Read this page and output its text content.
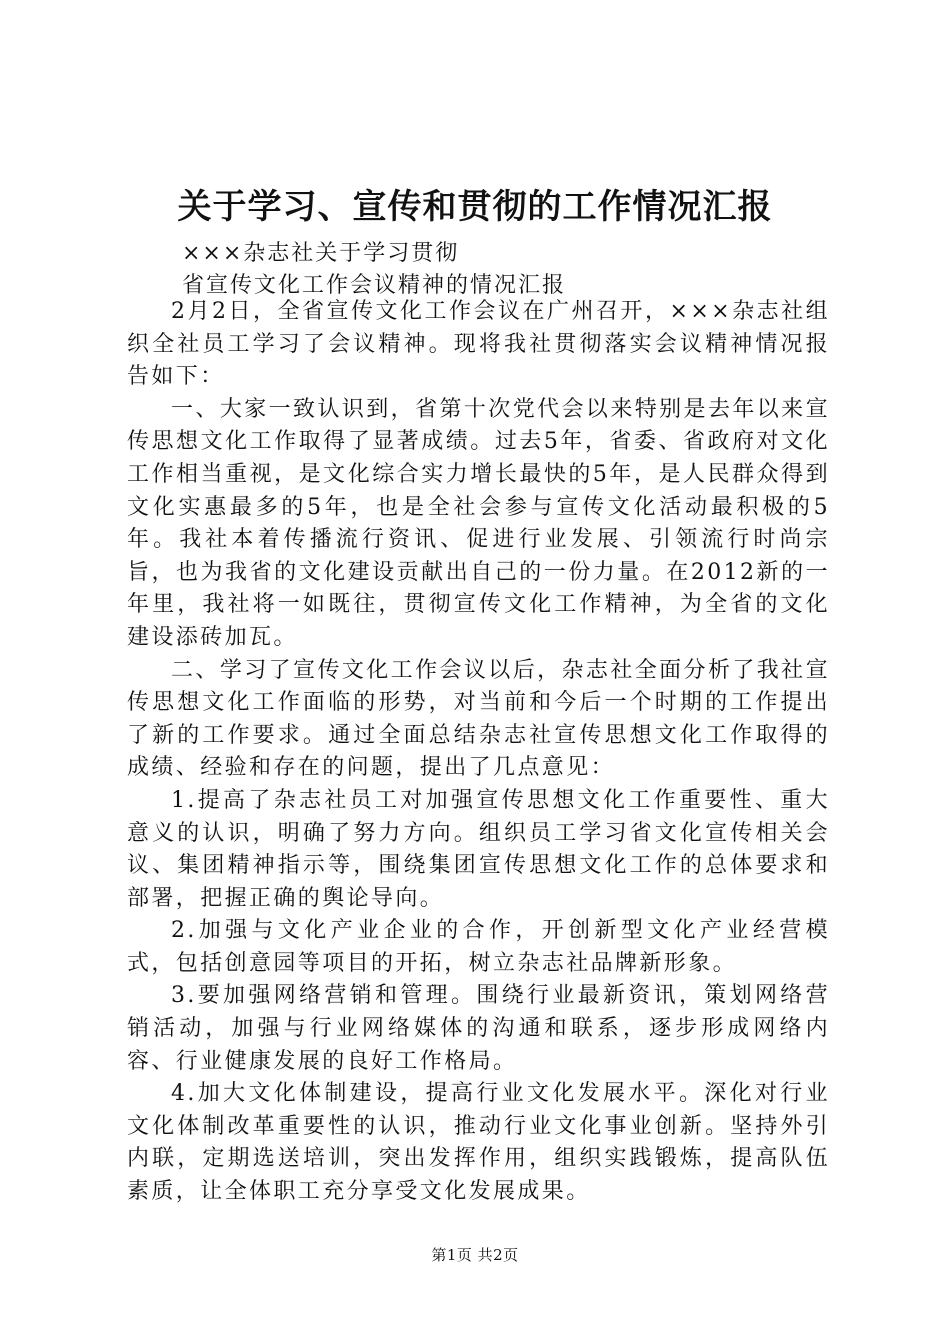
关于学习、宣传和贯彻的工作情况汇报
×××杂志社关于学习贯彻
省宣传文化工作会议精神的情况汇报

2月2日，全省宣传文化工作会议在广州召开，×××杂志社组织全社员工学习了会议精神。现将我社贯彻落实会议精神情况报告如下：

一、大家一致认识到，省第十次党代会以来特别是去年以来宣传思想文化工作取得了显著成绩。过去5年，省委、省政府对文化工作相当重视，是文化综合实力增长最快的5年，是人民群众得到文化实惠最多的5年，也是全社会参与宣传文化活动最积极的5年。我社本着传播流行资讯、促进行业发展、引领流行时尚宗旨，也为我省的文化建设贡献出自己的一份力量。在2012新的一年里，我社将一如既往，贯彻宣传文化工作精神，为全省的文化建设添砖加瓦。

二、学习了宣传文化工作会议以后，杂志社全面分析了我社宣传思想文化工作面临的形势，对当前和今后一个时期的工作提出了新的工作要求。通过全面总结杂志社宣传思想文化工作取得的成绩、经验和存在的问题，提出了几点意见：

1.提高了杂志社员工对加强宣传思想文化工作重要性、重大意义的认识，明确了努力方向。组织员工学习省文化宣传相关会议、集团精神指示等，围绕集团宣传思想文化工作的总体要求和部署，把握正确的舆论导向。

2.加强与文化产业企业的合作，开创新型文化产业经营模式，包括创意园等项目的开拓，树立杂志社品牌新形象。

3.要加强网络营销和管理。围绕行业最新资讯，策划网络营销活动，加强与行业网络媒体的沟通和联系，逐步形成网络内容、行业健康发展的良好工作格局。

4.加大文化体制建设，提高行业文化发展水平。深化对行业文化体制改革重要性的认识，推动行业文化事业创新。坚持外引内联，定期选送培训，突出发挥作用，组织实践锻炼，提高队伍素质，让全体职工充分享受文化发展成果。

第1页 共2页
